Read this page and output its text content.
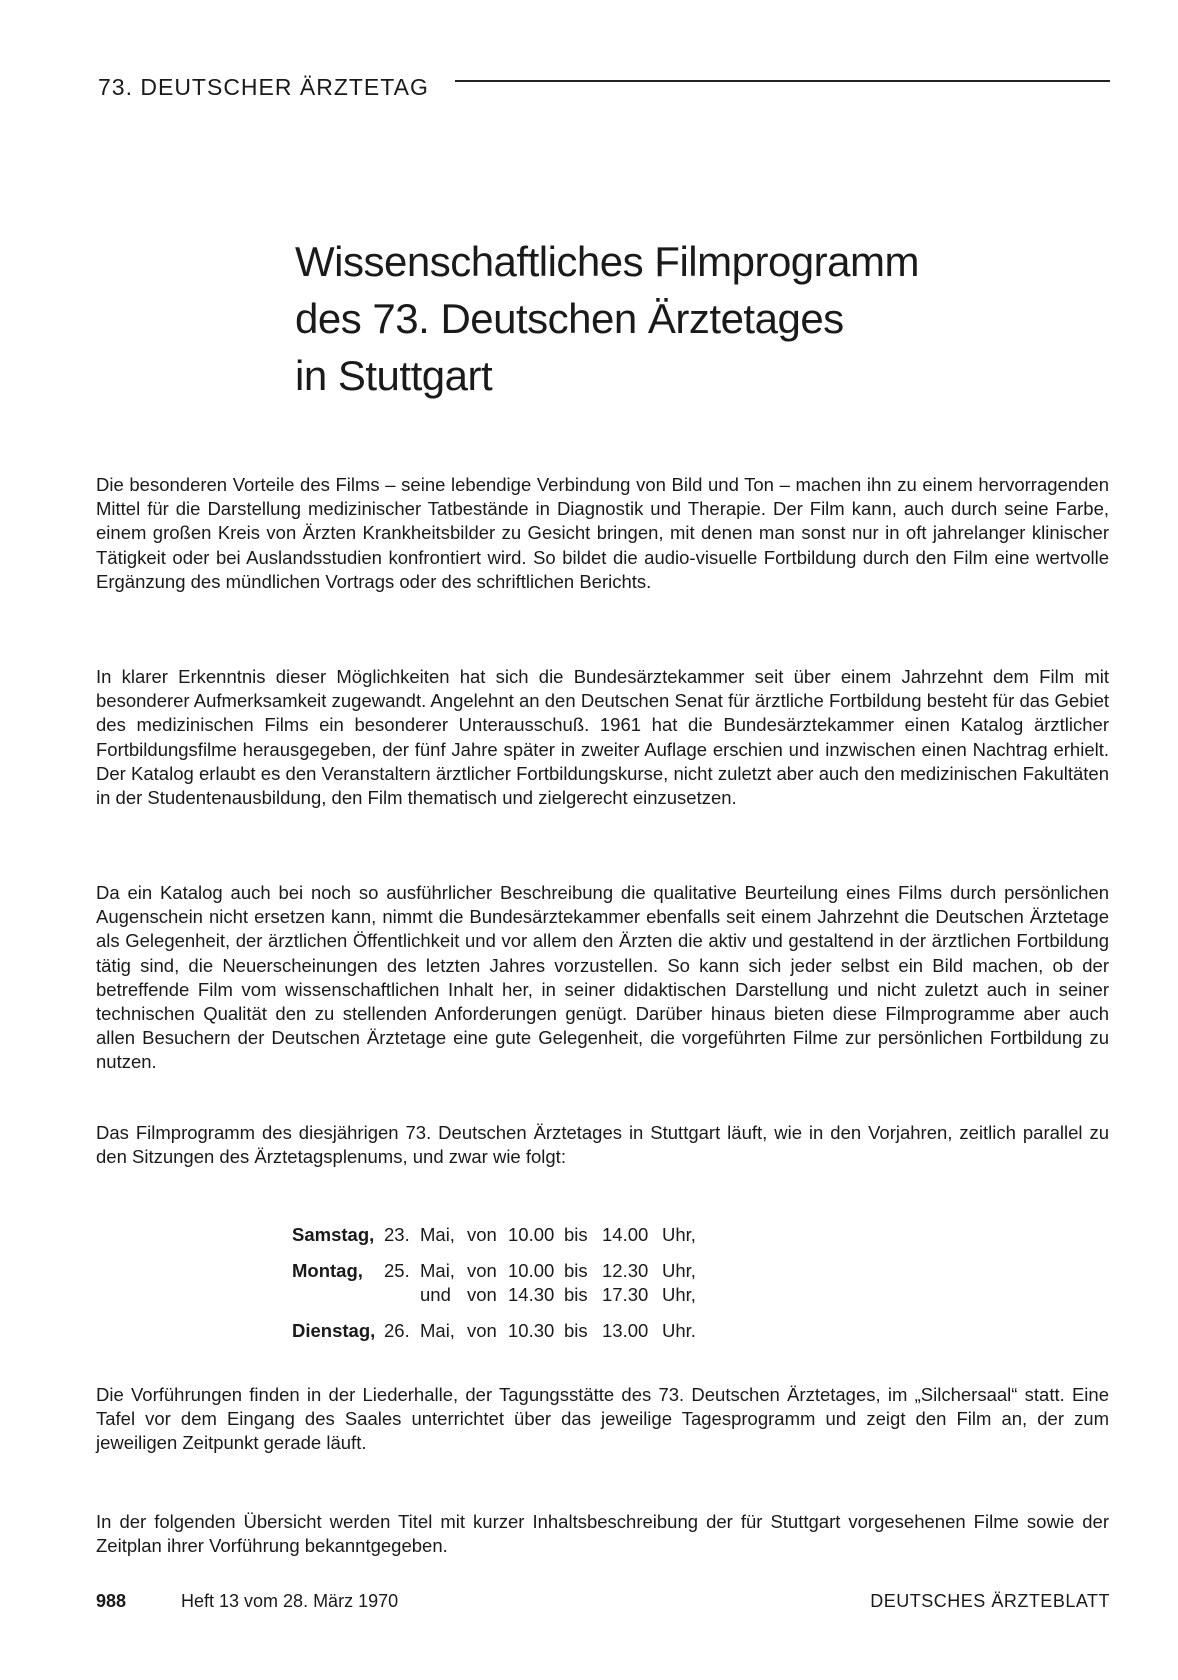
73. DEUTSCHER ÄRZTETAG
Wissenschaftliches Filmprogramm
des 73. Deutschen Ärztetages
in Stuttgart

Die besonderen Vorteile des Films – seine lebendige Verbindung von Bild und Ton – machen ihn zu einem hervorragenden Mittel für die Darstellung medizinischer Tatbestände in Diagnostik und Therapie. Der Film kann, auch durch seine Farbe, einem großen Kreis von Ärzten Krankheitsbilder zu Gesicht bringen, mit denen man sonst nur in oft jahrelanger klinischer Tätigkeit oder bei Auslandsstudien konfrontiert wird. So bildet die audio-visuelle Fortbildung durch den Film eine wertvolle Ergänzung des mündlichen Vortrags oder des schriftlichen Berichts.

In klarer Erkenntnis dieser Möglichkeiten hat sich die Bundesärztekammer seit über einem Jahrzehnt dem Film mit besonderer Aufmerksamkeit zugewandt. Angelehnt an den Deutschen Senat für ärztliche Fortbildung besteht für das Gebiet des medizinischen Films ein besonderer Unterausschuß. 1961 hat die Bundesärztekammer einen Katalog ärztlicher Fortbildungsfilme herausgegeben, der fünf Jahre später in zweiter Auflage erschien und inzwischen einen Nachtrag erhielt. Der Katalog erlaubt es den Veranstaltern ärztlicher Fortbildungskurse, nicht zuletzt aber auch den medizinischen Fakultäten in der Studentenausbildung, den Film thematisch und zielgerecht einzusetzen.

Da ein Katalog auch bei noch so ausführlicher Beschreibung die qualitative Beurteilung eines Films durch persönlichen Augenschein nicht ersetzen kann, nimmt die Bundesärztekammer ebenfalls seit einem Jahrzehnt die Deutschen Ärztetage als Gelegenheit, der ärztlichen Öffentlichkeit und vor allem den Ärzten die aktiv und gestaltend in der ärztlichen Fortbildung tätig sind, die Neuerscheinungen des letzten Jahres vorzustellen. So kann sich jeder selbst ein Bild machen, ob der betreffende Film vom wissenschaftlichen Inhalt her, in seiner didaktischen Darstellung und nicht zuletzt auch in seiner technischen Qualität den zu stellenden Anforderungen genügt. Darüber hinaus bieten diese Filmprogramme aber auch allen Besuchern der Deutschen Ärztetage eine gute Gelegenheit, die vorgeführten Filme zur persönlichen Fortbildung zu nutzen.

Das Filmprogramm des diesjährigen 73. Deutschen Ärztetages in Stuttgart läuft, wie in den Vorjahren, zeitlich parallel zu den Sitzungen des Ärztetagsplenums, und zwar wie folgt:

Samstag, 23. Mai, von 10.00 bis 14.00 Uhr,
Montag, 25. Mai, von 10.00 bis 12.30 Uhr,
und von 14.30 bis 17.30 Uhr,
Dienstag, 26. Mai, von 10.30 bis 13.00 Uhr.

Die Vorführungen finden in der Liederhalle, der Tagungsstätte des 73. Deutschen Ärztetages, im „Silchersaal“ statt. Eine Tafel vor dem Eingang des Saales unterrichtet über das jeweilige Tagesprogramm und zeigt den Film an, der zum jeweiligen Zeitpunkt gerade läuft.

In der folgenden Übersicht werden Titel mit kurzer Inhaltsbeschreibung der für Stuttgart vorgesehenen Filme sowie der Zeitplan ihrer Vorführung bekanntgegeben.

988	Heft 13 vom 28. März 1970	DEUTSCHES ÄRZTEBLATT
